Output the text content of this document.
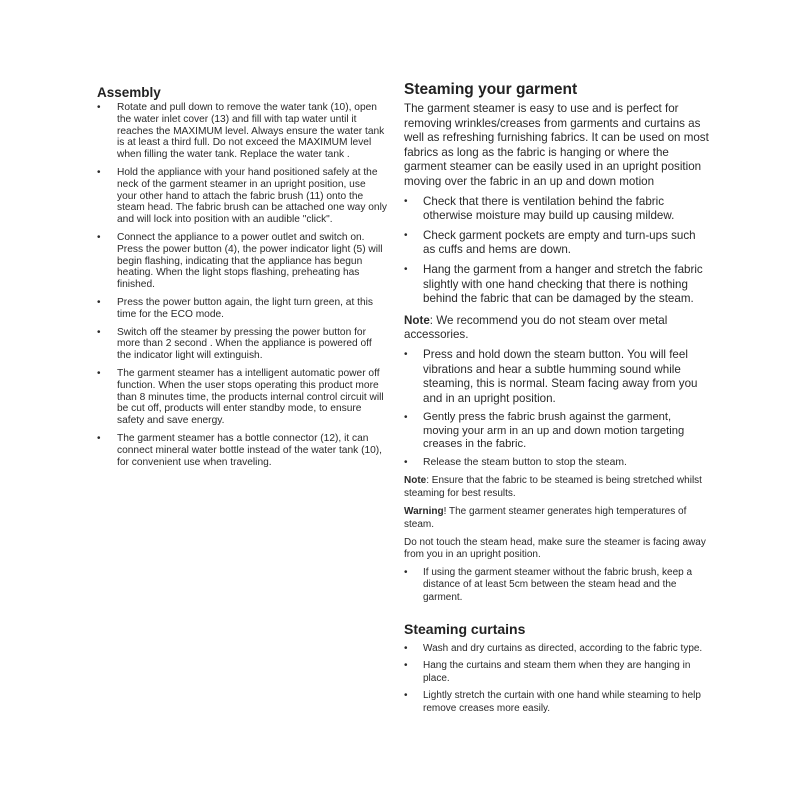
Assembly
• Rotate and pull down to remove the water tank (10), open the water inlet cover (13) and fill with tap water until it reaches the MAXIMUM level. Always ensure the water tank is at least a third full. Do not exceed the MAXIMUM level when filling the water tank. Replace the water tank .
• Hold the appliance with your hand positioned safely at the neck of the garment steamer in an upright position, use your other hand to attach the fabric brush (11) onto the steam head. The fabric brush can be attached one way only and will lock into position with an audible "click".
• Connect the appliance to a power outlet and switch on. Press the power button (4), the power indicator light (5) will begin flashing, indicating that the appliance has begun heating. When the light stops flashing, preheating has finished.
• Press the power button again, the light turn green, at this time for the ECO mode.
• Switch off the steamer by pressing the power button for more than 2 second . When the appliance is powered off the indicator light will extinguish.
• The garment steamer has a intelligent automatic power off function. When the user stops operating this product more than 8 minutes time, the products internal control circuit will be cut off, products will enter standby mode, to ensure safety and save energy.
• The garment steamer has a bottle connector (12), it can connect mineral water bottle instead of the water tank (10), for convenient use when traveling.
Steaming your garment

The garment steamer is easy to use and is perfect for removing wrinkles/creases from garments and curtains as well as refreshing furnishing fabrics. It can be used on most fabrics as long as the fabric is hanging or where the garment steamer can be easily used in an upright position moving over the fabric in an up and down motion

• Check that there is ventilation behind the fabric otherwise moisture may build up causing mildew.
• Check garment pockets are empty and turn-ups such as cuffs and hems are down.
• Hang the garment from a hanger and stretch the fabric slightly with one hand checking that there is nothing behind the fabric that can be damaged by the steam.

Note: We recommend you do not steam over metal accessories.

• Press and hold down the steam button. You will feel vibrations and hear a subtle humming sound while steaming, this is normal. Steam facing away from you and in an upright position.
• Gently press the fabric brush against the garment, moving your arm in an up and down motion targeting creases in the fabric.
• Release the steam button to stop the steam.

Note: Ensure that the fabric to be steamed is being stretched whilst steaming for best results.

Warning! The garment steamer generates high temperatures of steam.

Do not touch the steam head, make sure the steamer is facing away from you in an upright position.

• If using the garment steamer without the fabric brush, keep a distance of at least 5cm between the steam head and the garment.
Steaming curtains
• Wash and dry curtains as directed, according to the fabric type.
• Hang the curtains and steam them when they are hanging in place.
• Lightly stretch the curtain with one hand while steaming to help remove creases more easily.
